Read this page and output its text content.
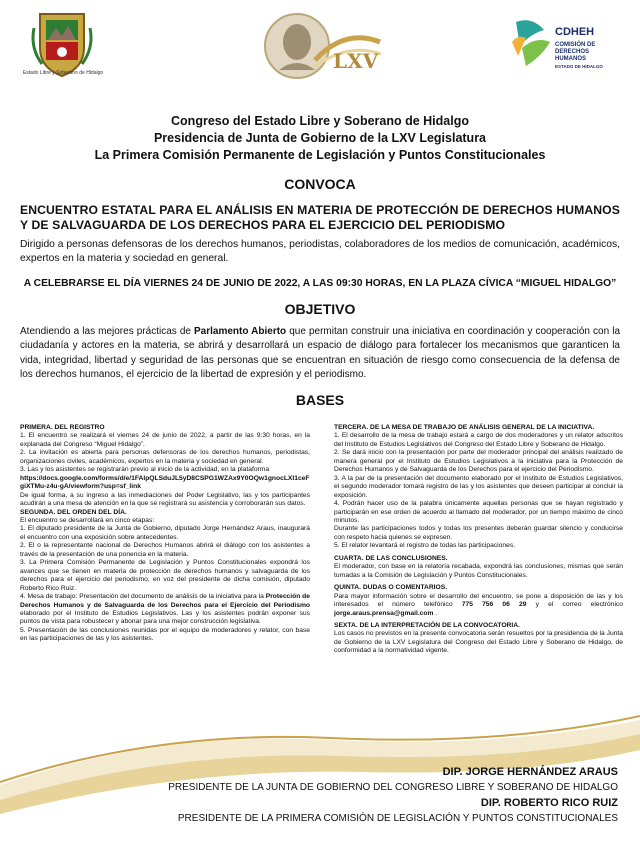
Estado Libre y Soberano de Hidalgo	LXV
CDHEH
COMISIÓN DE
DERECHOS
HUMANOS
ESTADO DE HIDALGO
Congreso del Estado Libre y Soberano de Hidalgo
Presidencia de Junta de Gobierno de la LXV Legislatura
La Primera Comisión Permanente de Legislación y Puntos Constitucionales
CONVOCA
ENCUENTRO ESTATAL PARA EL ANÁLISIS EN MATERIA DE PROTECCIÓN DE DERECHOS HUMANOS Y DE SALVAGUARDA DE LOS DERECHOS PARA EL EJERCICIO DEL PERIODISMO
Dirigido a personas defensoras de los derechos humanos, periodistas, colaboradores de los medios de comunicación, académicos, expertos en la materia y sociedad en general.
A CELEBRARSE EL DÍA VIERNES 24 DE JUNIO DE 2022, A LAS 09:30 HORAS, EN LA PLAZA CÍVICA “MIGUEL HIDALGO”
OBJETIVO
Atendiendo a las mejores prácticas de Parlamento Abierto que permitan construir una iniciativa en coordinación y cooperación con la ciudadanía y actores en la materia, se abrirá y desarrollará un espacio de diálogo para fortalecer los mecanismos que garanticen la vida, integridad, libertad y seguridad de las personas que se encuentran en situación de riesgo como consecuencia de la defensa de los derechos humanos, el ejercicio de la libertad de expresión y el periodismo.
BASES

PRIMERA. DEL REGISTRO

1. El encuentro se realizará el viernes 24 de junio de 2022, a partir de las 9:30 horas, en la explanada del Congreso “Miguel Hidalgo”.

2. La invitación es abierta para personas defensoras de los derechos humanos, periodistas, organizaciones civiles, académicos, expertos en la materia y sociedad en general.

3. Las y los asistentes se registrarán previo al inicio de la actividad, en la plataforma

https://docs.google.com/forms/d/e/1FAIpQLSduJL5yD8CSPG1WZAx9Y0OQw1gnocLXI1ceFgiXTMu-z4u-gA/viewform?usp=sf_link

De igual forma, a su ingreso a las inmediaciones del Poder Legislativo, las y los participantes acudirán a una mesa de atención en la que se registrará su asistencia y corroborarán sus datos.

SEGUNDA. DEL ORDEN DEL DÍA.

El encuentro se desarrollará en cinco etapas:

1. El diputado presidente de la Junta de Gobierno, diputado Jorge Hernández Araus, inaugurará el encuentro con una exposición sobre antecedentes.

2. El o la representante nacional de Derechos Humanos abrirá el diálogo con los asistentes a través de la presentación de una ponencia en la materia.

3. La Primera Comisión Permanente de Legislación y Puntos Constitucionales expondrá los avances que se tienen en materia de protección de derechos humanos y salvaguarda de los derechos para el ejercicio del periodismo, en voz del presidente de dicha comisión, diputado Roberto Rico Ruiz.

4. Mesa de trabajo: Presentación del documento de análisis de la iniciativa para la Protección de Derechos Humanos y de Salvaguarda de los Derechos para el Ejercicio del Periodismo elaborado por el Instituto de Estudios Legislativos. Las y los asistentes podrán exponer sus puntos de vista para robustecer y abonar para una mejor construcción legislativa.

5. Presentación de las conclusiones reunidas por el equipo de moderadores y relator, con base en las participaciones de las y los asistentes.

TERCERA. DE LA MESA DE TRABAJO DE ANÁLISIS GENERAL DE LA INICIATIVA.

1. El desarrollo de la mesa de trabajo estará a cargo de dos moderadores y un relator adscritos del Instituto de Estudios Legislativos del Congreso del Estado Libre y Soberano de Hidalgo.

2. Se dará inicio con la presentación por parte del moderador principal del análisis realizado de manera general por el Instituto de Estudios Legislativos a la iniciativa para la Protección de Derechos Humanos y de Salvaguarda de los Derechos para el ejercicio del Periodismo.

3. A la par de la presentación del documento elaborado por el Instituto de Estudios Legislativos, el segundo moderador tomará registro de las y los asistentes que deseen participar al concluir la exposición.

4. Podrán hacer uso de la palabra únicamente aquellas personas que se hayan registrado y participarán en ese orden de acuerdo al llamado del moderador, por un tiempo máximo de cinco minutos.

Durante las participaciones todos y todas los presentes deberán guardar silencio y conducirse con respeto hacia quienes se expresen.

5. El relator levantará el registro de todas las participaciones.

CUARTA. DE LAS CONCLUSIONES.

El moderador, con base en la relatoría recabada, expondrá las conclusiones, mismas que serán turnadas a la Comisión de Legislación y Puntos Constitucionales.

QUINTA. DUDAS O COMENTARIOS.

Para mayor información sobre el desarrollo del encuentro, se pone a disposición de las y los interesados el número telefónico 775 756 06 29 y el correo electrónico jorge.araus.prensa@gmail.com .

SEXTA. DE LA INTERPRETACIÓN DE LA CONVOCATORIA.

Los casos no previstos en la presente convocatoria serán resueltos por la presidencia de la Junta de Gobierno de la LXV Legislatura del Congreso del Estado Libre y Soberano de Hidalgo, de conformidad a la normatividad vigente.

DIP. JORGE HERNÁNDEZ ARAUS
PRESIDENTE DE LA JUNTA DE GOBIERNO DEL CONGRESO LIBRE Y SOBERANO DE HIDALGO
DIP. ROBERTO RICO RUIZ
PRESIDENTE DE LA PRIMERA COMISIÓN DE LEGISLACIÓN Y PUNTOS CONSTITUCIONALES
